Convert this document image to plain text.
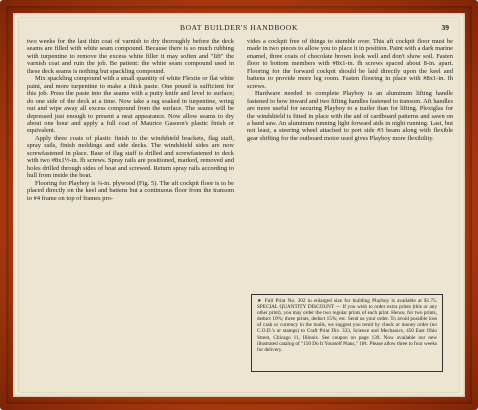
BOAT BUILDER'S HANDBOOK	39

two weeks for the last thin coat of varnish to dry thoroughly before the deck seams are filled with white seam compound. Because there is so much rubbing with turpentine to remove the excess white filler it may soften and "lift" the varnish coat and ruin the job. Be patient: the white seam compound used in these deck seams is nothing but spackling compound.

Mix spackling compound with a small quantity of white Flexite or flat white paint, and more turpentine to make a thick paste. One pound is sufficient for this job. Press the paste into the seams with a putty knife and level to surface; do one side of the deck at a time. Now take a rag soaked in turpentine, wring out and wipe away all excess compound from the surface. The seams will be depressed just enough to present a neat appearance. Now allow seams to dry about one hour and apply a full coat of Maurice Gasoon's plastic finish or equivalent.

Apply three coats of plastic finish to the windshield brackets, flag staff, spray rails, finish moldings and side decks. The windshield sides are now screwfastened in place. Base of flag staff is drilled and screwfastened to deck with two #8x1½-in. fh screws. Spray rails are positioned, marked, removed and holes drilled through sides of boat and screwed. Return spray rails according to hull from inside the boat.

Flooring for Playboy is ¼-in. plywood (Fig. 5). The aft cockpit floor is to be placed directly on the keel and battens but a continuous floor from the transom to #4 frame on top of frames pro-

vides a cockpit free of things to stumble over. This aft cockpit floor must be made in two pieces to allow you to place it in position. Paint with a dark marine enamel, three coats of chocolate brown look well and don't show soil. Fasten floor to bottom members with #8x1-in. fh screws spaced about 8-in. apart. Flooring for the forward cockpit should be laid directly upon the keel and battens to provide more leg room. Fasten flooring in place with #8x1-in. fh screws.

Hardware needed to complete Playboy is an aluminum lifting handle fastened to bow inward and two lifting handles fastened to transom. Aft handles are more useful for securing Playboy to a trailer than for lifting. Plexiglas for the windshield is fitted in place with the aid of cardboard patterns and sawn on a band saw. An aluminum running light forward aids in night running. Last, but not least, a steering wheel attached to port side #3 beam along with flexible gear shifting for the outboard motor used gives Playboy more flexibility.

★ Full Print No. 302 in enlarged size for building Playboy is available at $1.75. SPECIAL QUANTITY DISCOUNT — If you wish to order extra prints (this or any other print), you may order the two regular prints of each print. Hence, for two prints, deduct 10%; three prints, deduct 15%; etc. Send us your order. To avoid possible loss of cash or currency in the mails, we suggest you remit by check or money order (no C.O.D.'s or stamps) to Craft Print Div. 333, Science and Mechanics, 450 East Ohio Street, Chicago 11, Illinois. See coupon on page 139. Now available our new illustrated catalog of "150 Do It Yourself Plans," 10¢. Please allow three to four weeks for delivery.
